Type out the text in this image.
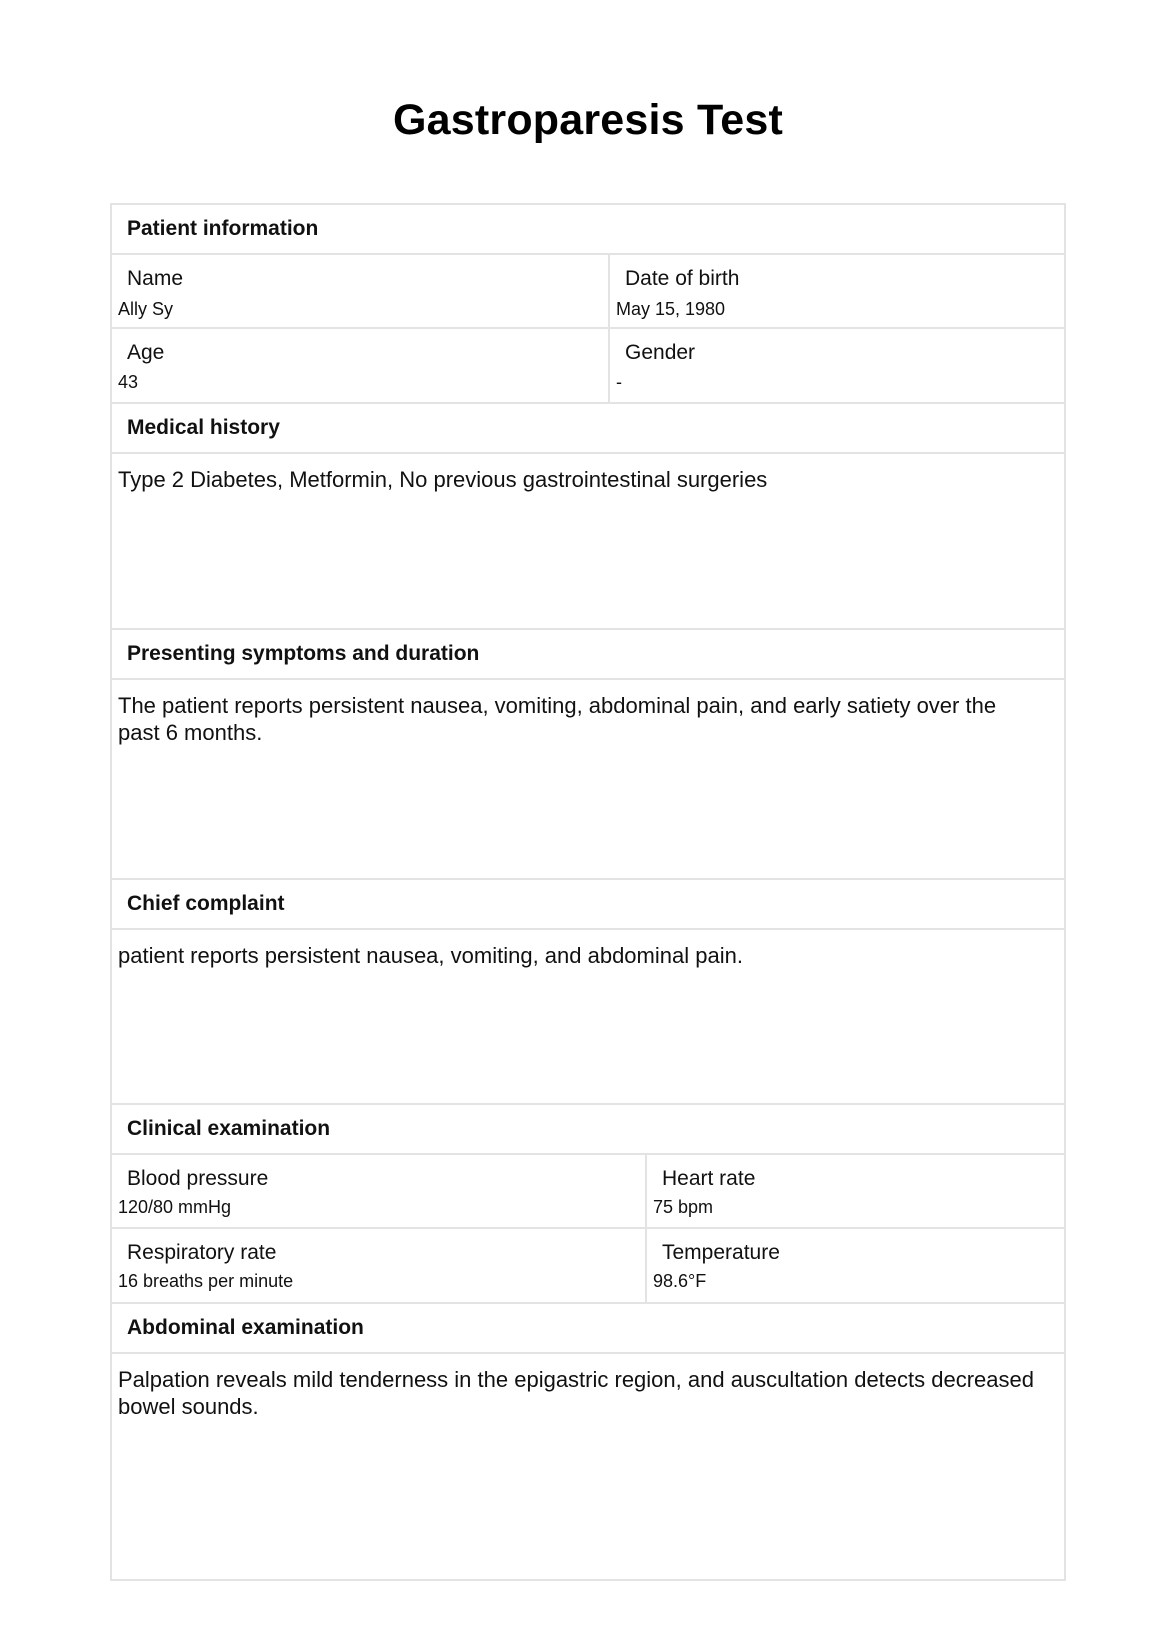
Gastroparesis Test
Patient information
Name
Ally Sy
Date of birth
May 15, 1980
Age
43
Gender
-
Medical history
Type 2 Diabetes, Metformin, No previous gastrointestinal surgeries
Presenting symptoms and duration
The patient reports persistent nausea, vomiting, abdominal pain, and early satiety over the past 6 months.
Chief complaint
patient reports persistent nausea, vomiting, and abdominal pain.
Clinical examination
Blood pressure
120/80 mmHg
Heart rate
75 bpm
Respiratory rate
16 breaths per minute
Temperature
98.6°F
Abdominal examination
Palpation reveals mild tenderness in the epigastric region, and auscultation detects decreased bowel sounds.
